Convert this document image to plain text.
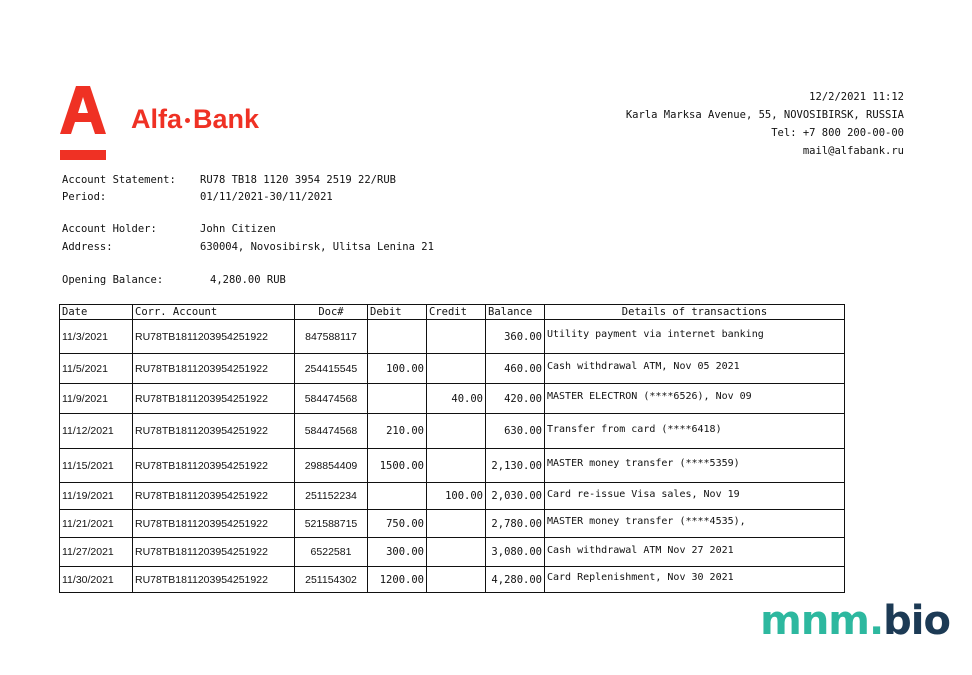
Alfa Bank
12/2/2021 11:12
Karla Marksa Avenue, 55, NOVOSIBIRSK, RUSSIA
Tel: +7 800 200-00-00
mail@alfabank.ru
Account Statement: RU78 TB18 1120 3954 2519 22/RUB
Period:	01/11/2021-30/11/2021
Account Holder:	John Citizen
Address:	630004, Novosibirsk, Ulitsa Lenina 21
Opening Balance:	4,280.00 RUB
Date	Corr. Account	Doc#	Debit	Credit	Balance	Details of transactions
11/3/2021	RU78TB1811203954251922	847588117			360.00	Utility payment via internet banking

11/5/2021	RU78TB1811203954251922	254415545	100.00		460.00	Cash withdrawal ATM, Nov 05 2021

11/9/2021	RU78TB1811203954251922	584474568		40.00	420.00	MASTER ELECTRON (****6526), Nov 09

11/12/2021	RU78TB1811203954251922	584474568	210.00		630.00	Transfer from card (****6418)

11/15/2021	RU78TB1811203954251922	298854409	1500.00		2,130.00	MASTER money transfer (****5359)

11/19/2021	RU78TB1811203954251922	251152234		100.00	2,030.00	Card re-issue Visa sales, Nov 19

11/21/2021	RU78TB1811203954251922	521588715	750.00		2,780.00	MASTER money transfer (****4535),

11/27/2021	RU78TB1811203954251922	6522581	300.00		3,080.00	Cash withdrawal ATM Nov 27 2021

11/30/2021	RU78TB1811203954251922	251154302	1200.00		4,280.00	Card Replenishment, Nov 30 2021
mnm.bio
